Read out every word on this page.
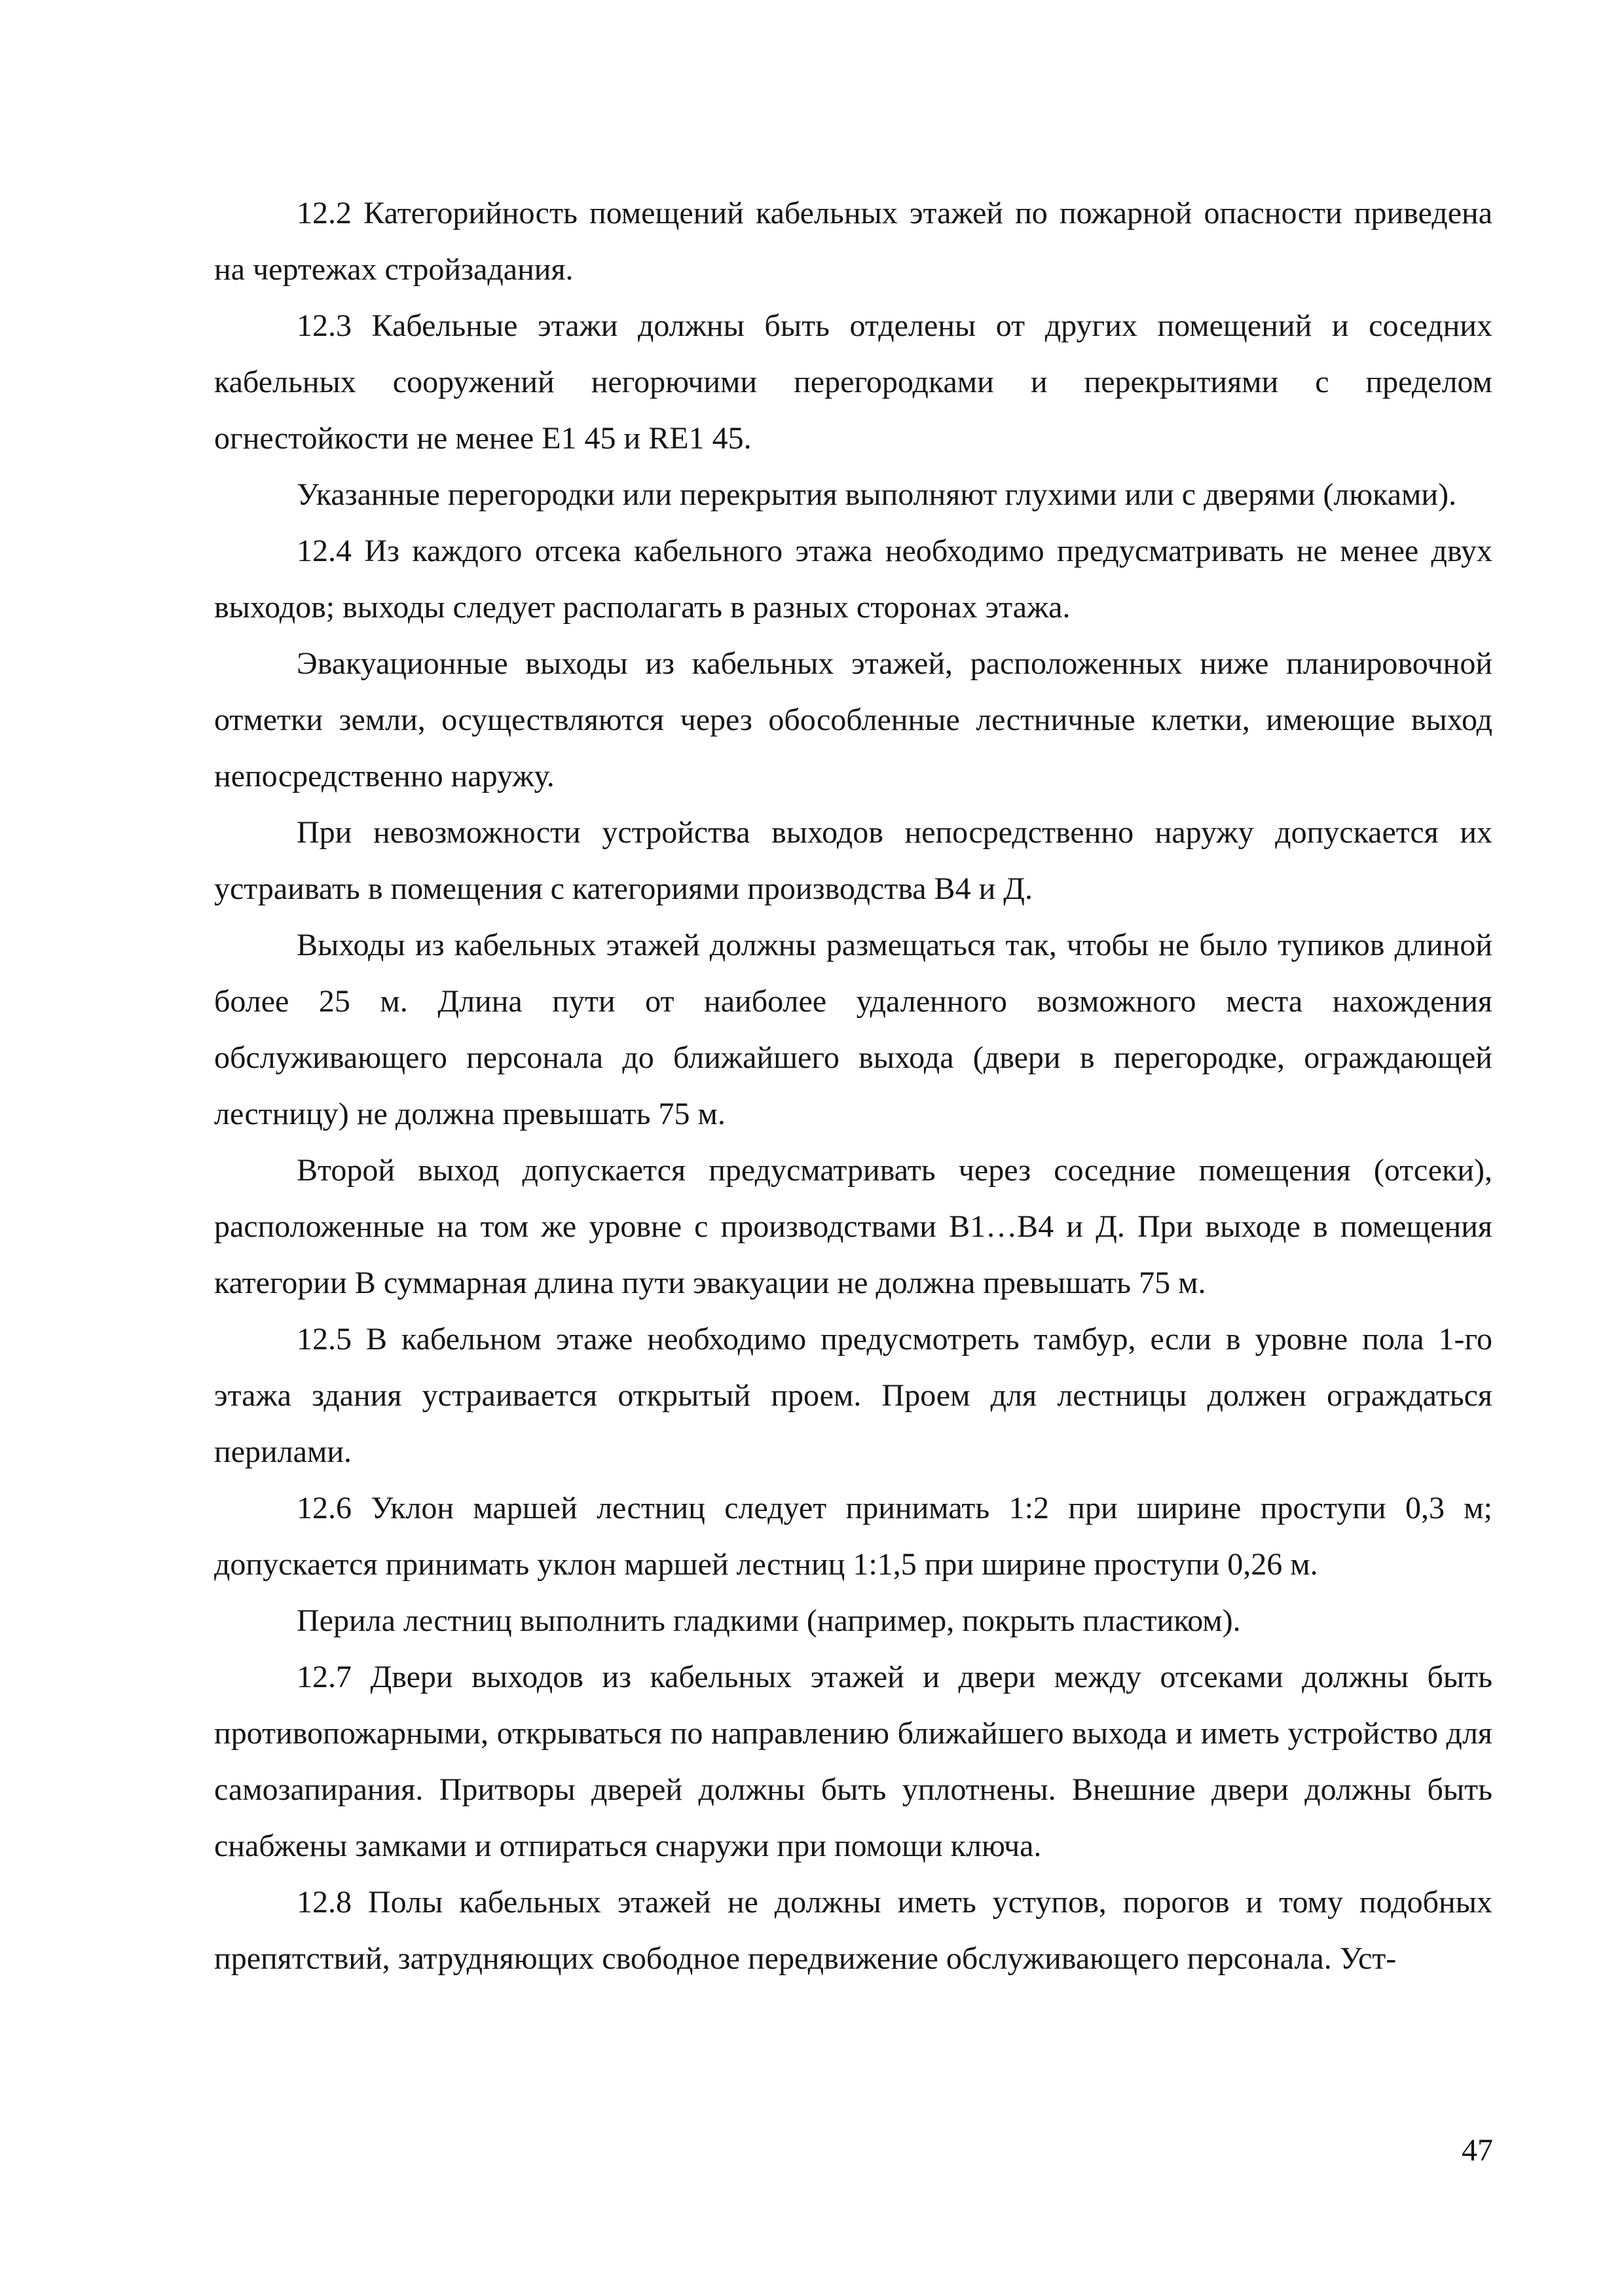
12.2 Категорийность помещений кабельных этажей по пожарной опасности приведена на чертежах стройзадания.

12.3 Кабельные этажи должны быть отделены от других помещений и соседних кабельных сооружений негорючими перегородками и перекрытиями с пределом огнестойкости не менее E1 45 и RE1 45.

Указанные перегородки или перекрытия выполняют глухими или с дверями (люками).

12.4 Из каждого отсека кабельного этажа необходимо предусматривать не менее двух выходов; выходы следует располагать в разных сторонах этажа.

Эвакуационные выходы из кабельных этажей, расположенных ниже планировочной отметки земли, осуществляются через обособленные лестничные клетки, имеющие выход непосредственно наружу.

При невозможности устройства выходов непосредственно наружу допускается их устраивать в помещения с категориями производства В4 и Д.

Выходы из кабельных этажей должны размещаться так, чтобы не было тупиков длиной более 25 м. Длина пути от наиболее удаленного возможного места нахождения обслуживающего персонала до ближайшего выхода (двери в перегородке, ограждающей лестницу) не должна превышать 75 м.

Второй выход допускается предусматривать через соседние помещения (отсеки), расположенные на том же уровне с производствами В1…В4 и Д. При выходе в помещения категории В суммарная длина пути эвакуации не должна превышать 75 м.

12.5 В кабельном этаже необходимо предусмотреть тамбур, если в уровне пола 1-го этажа здания устраивается открытый проем. Проем для лестницы должен ограждаться перилами.

12.6 Уклон маршей лестниц следует принимать 1:2 при ширине проступи 0,3 м; допускается принимать уклон маршей лестниц 1:1,5 при ширине проступи 0,26 м.

Перила лестниц выполнить гладкими (например, покрыть пластиком).

12.7 Двери выходов из кабельных этажей и двери между отсеками должны быть противопожарными, открываться по направлению ближайшего выхода и иметь устройство для самозапирания. Притворы дверей должны быть уплотнены. Внешние двери должны быть снабжены замками и отпираться снаружи при помощи ключа.

12.8 Полы кабельных этажей не должны иметь уступов, порогов и тому подобных препятствий, затрудняющих свободное передвижение обслуживающего персонала. Уст-

47
